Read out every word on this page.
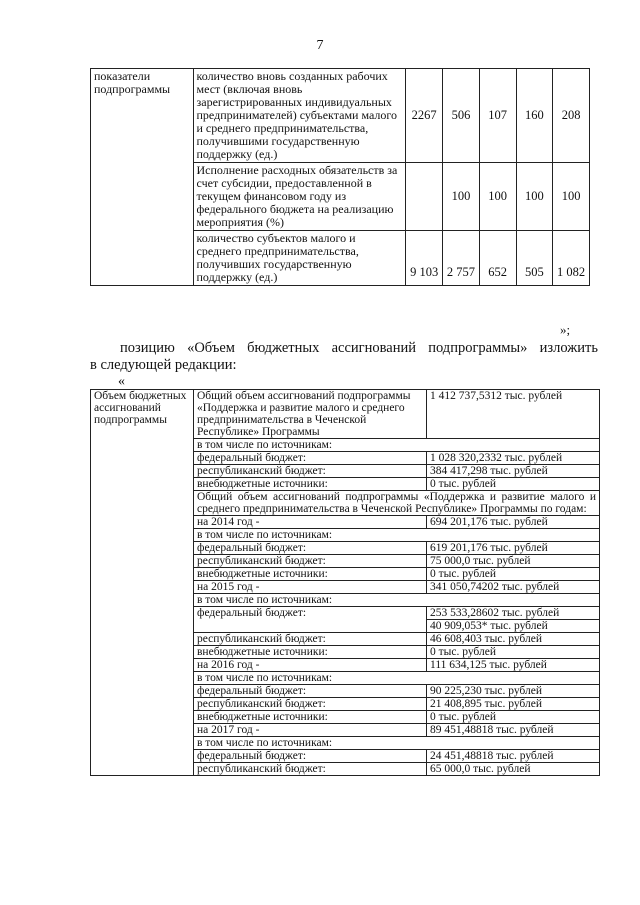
7
показатели подпрограммы	количество вновь созданных рабочих мест (включая вновь зарегистрированных индивидуальных предпринимателей) субъектами малого и среднего предпринимательства, получившими государственную поддержку (ед.)	2267	506	107	160	208
	Исполнение расходных обязательств за счет субсидии, предоставленной в текущем финансовом году из федерального бюджета на реализацию мероприятия (%)		100	100	100	100
	количество субъектов малого и среднего предпринимательства, получивших государственную поддержку (ед.)	9 103	2 757	652	505	1 082
»;
позицию «Объем бюджетных ассигнований подпрограммы» изложить
в следующей редакции:
«
Объем бюджетных ассигнований подпрограммы	Общий объем ассигнований подпрограммы «Поддержка и развитие малого и среднего предпринимательства в Чеченской Республике» Программы	1 412 737,5312 тыс. рублей
	в том числе по источникам:	
	федеральный бюджет:	1 028 320,2332 тыс. рублей
	республиканский бюджет:	384 417,298 тыс. рублей
	внебюджетные источники:	0 тыс. рублей
	Общий объем ассигнований подпрограммы «Поддержка и развитие малого и среднего предпринимательства в Чеченской Республике» Программы по годам:	
	на 2014 год -	694 201,176 тыс. рублей
	в том числе по источникам:	
	федеральный бюджет:	619 201,176 тыс. рублей
	республиканский бюджет:	75 000,0 тыс. рублей
	внебюджетные источники:	0 тыс. рублей
	на 2015 год -	341 050,74202 тыс. рублей
	в том числе по источникам:	
	федеральный бюджет:	253 533,28602 тыс. рублей
		40 909,053* тыс. рублей
	республиканский бюджет:	46 608,403 тыс. рублей
	внебюджетные источники:	0 тыс. рублей
	на 2016 год -	111 634,125 тыс. рублей
	в том числе по источникам:	
	федеральный бюджет:	90 225,230 тыс. рублей
	республиканский бюджет:	21 408,895 тыс. рублей
	внебюджетные источники:	0 тыс. рублей
	на 2017 год -	89 451,48818 тыс. рублей
	в том числе по источникам:	
	федеральный бюджет:	24 451,48818 тыс. рублей
	республиканский бюджет:	65 000,0 тыс. рублей
